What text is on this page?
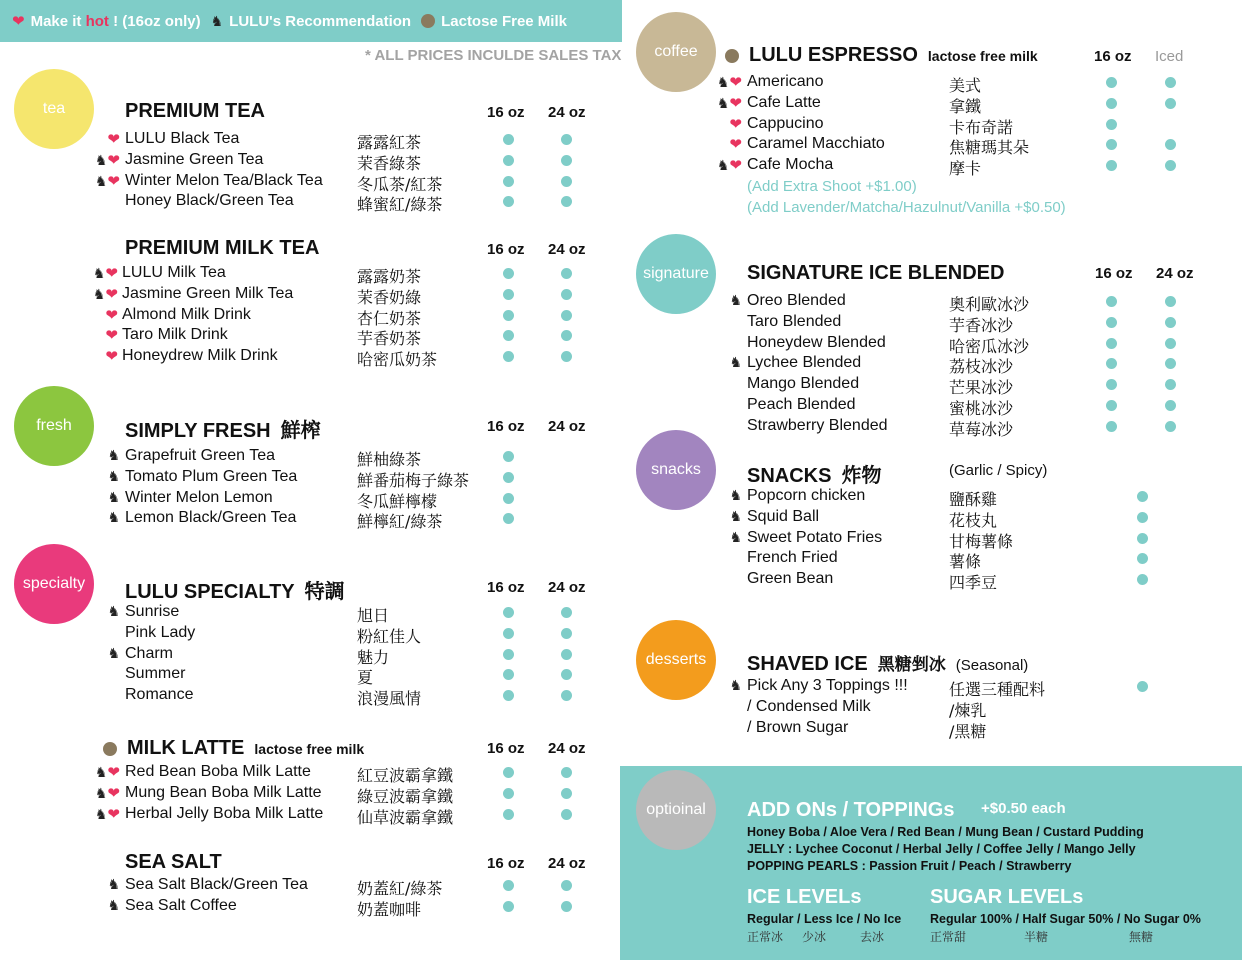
❤ Make it hot ! (16oz only) ♞ LULU's Recommendation Lactose Free Milk
* ALL PRICES INCULDE SALES TAX
tea
fresh
specialty
coffee
signature
snacks
desserts
PREMIUM TEA	16 oz 24 oz
❤ LULU Black Tea	露露紅茶
♞❤ Jasmine Green Tea	茉香綠茶
♞❤ Winter Melon Tea/Black Tea 冬瓜茶/紅茶
Honey Black/Green Tea	蜂蜜紅/綠茶
PREMIUM MILK TEA	16 oz 24 oz
♞❤ LULU Milk Tea	露露奶茶
♞❤ Jasmine Green Milk Tea	茉香奶綠
❤ Almond Milk Drink	杏仁奶茶
❤ Taro Milk Drink	芋香奶茶
❤ Honeydrew Milk Drink	哈密瓜奶茶
SIMPLY FRESH 鮮榨	16 oz 24 oz
♞ Grapefruit Green Tea	鮮柚綠茶
♞ Tomato Plum Green Tea	鮮番茄梅子綠茶
♞ Winter Melon Lemon	冬瓜鮮檸檬
♞ Lemon Black/Green Tea	鮮檸紅/綠茶
LULU SPECIALTY 特調	16 oz 24 oz
♞ Sunrise	旭日
Pink Lady	粉紅佳人
♞ Charm	魅力
Summer	夏
Romance	浪漫風情
MILK LATTE lactose free milk	16 oz 24 oz
♞❤ Red Bean Boba Milk Latte	紅豆波霸拿鐵
♞❤ Mung Bean Boba Milk Latte 綠豆波霸拿鐵
♞❤ Herbal Jelly Boba Milk Latte 仙草波霸拿鐵
SEA SALT	16 oz 24 oz
♞ Sea Salt Black/Green Tea	奶蓋紅/綠茶
♞ Sea Salt Coffee	奶蓋咖啡
LULU ESPRESSO lactose free milk	16 oz Iced
♞❤ Americano	美式
♞❤ Cafe Latte	拿鐵
❤ Cappucino	卡布奇諾
❤ Caramel Macchiato	焦糖瑪其朵
♞❤ Cafe Mocha	摩卡
(Add Extra Shoot +$1.00)
(Add Lavender/Matcha/Hazulnut/Vanilla +$0.50)
SIGNATURE ICE BLENDED	16 oz 24 oz
♞ Oreo Blended	奧利歐冰沙
Taro Blended	芋香冰沙
Honeydew Blended	哈密瓜冰沙
♞ Lychee Blended	荔枝冰沙
Mango Blended	芒果冰沙
Peach Blended	蜜桃冰沙
Strawberry Blended	草莓冰沙
SNACKS 炸物	(Garlic / Spicy)
♞ Popcorn chicken	鹽酥雞
♞ Squid Ball	花枝丸
♞ Sweet Potato Fries	甘梅薯條
French Fried	薯條
Green Bean	四季豆
SHAVED ICE 黑糖剉冰 (Seasonal)
♞ Pick Any 3 Toppings !!!	任選三種配料
/ Condensed Milk	/煉乳
/ Brown Sugar	/黑糖
optioinal	ADD ONs / TOPPINGs +$0.50 each
Honey Boba / Aloe Vera / Red Bean / Mung Bean / Custard Pudding
JELLY : Lychee Coconut / Herbal Jelly / Coffee Jelly / Mango Jelly
POPPING PEARLS : Passion Fruit / Peach / Strawberry
ICE LEVELs
Regular / Less Ice / No Ice
正常冰 少冰	去冰
SUGAR LEVELs
Regular 100% / Half Sugar 50% / No Sugar 0%
正常甜	半糖	無糖
